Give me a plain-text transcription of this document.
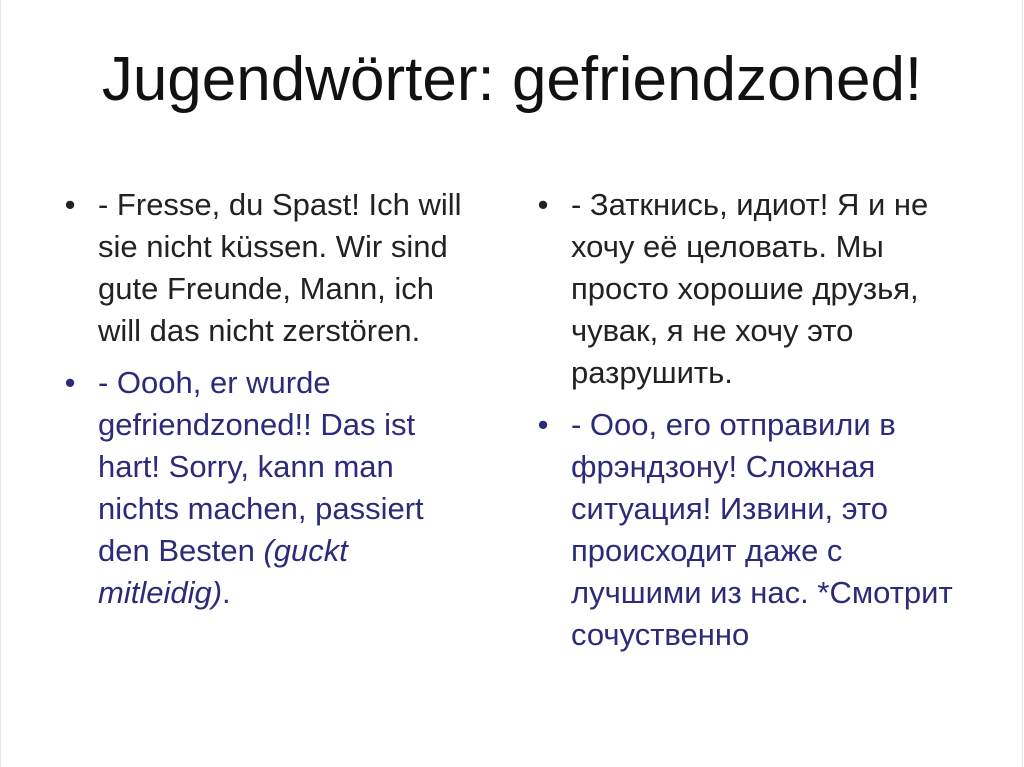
Jugendwörter: gefriendzoned!
• - Fresse, du Spast! Ich will sie nicht küssen. Wir sind gute Freunde, Mann, ich will das nicht zerstören.
• - Oooh, er wurde gefriendzoned!! Das ist hart! Sorry, kann man nichts machen, passiert den Besten (guckt mitleidig).
• - Заткнись, идиот! Я и не хочу её целовать. Мы просто хорошие друзья, чувак, я не хочу это разрушить.
• - Ооо, его отправили в фрэндзону! Сложная ситуация! Извини, это происходит даже с лучшими из нас. *Смотрит сочуственно
